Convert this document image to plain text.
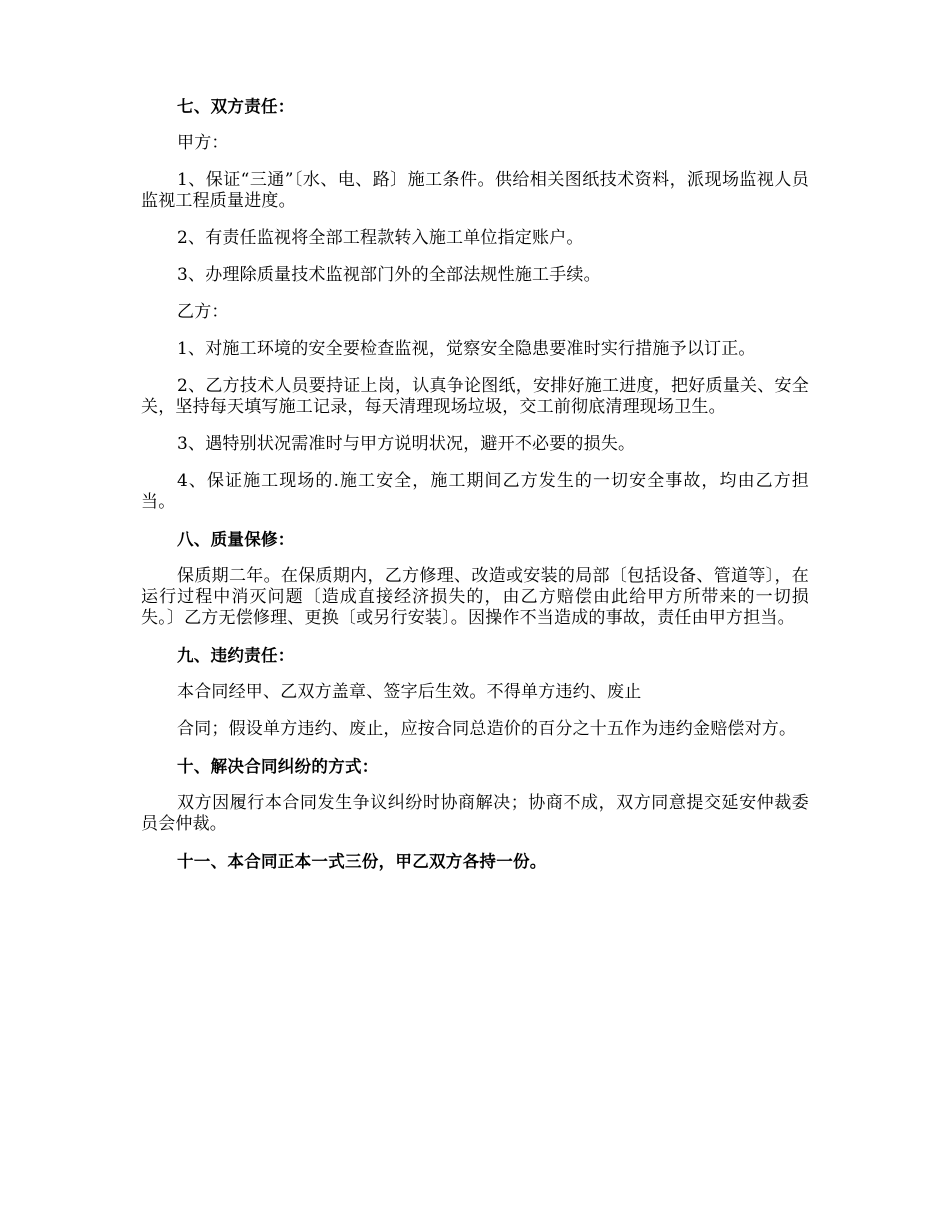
七、双方责任：

甲方：

1、保证“三通”〔水、电、路〕施工条件。供给相关图纸技术资料，派现场监视人员监视工程质量进度。

2、有责任监视将全部工程款转入施工单位指定账户。

3、办理除质量技术监视部门外的全部法规性施工手续。

乙方：

1、对施工环境的安全要检查监视，觉察安全隐患要准时实行措施予以订正。

2、乙方技术人员要持证上岗，认真争论图纸，安排好施工进度，把好质量关、安全关，坚持每天填写施工记录，每天清理现场垃圾，交工前彻底清理现场卫生。

3、遇特别状况需准时与甲方说明状况，避开不必要的损失。

4、保证施工现场的.施工安全，施工期间乙方发生的一切安全事故，均由乙方担当。

八、质量保修：

保质期二年。在保质期内，乙方修理、改造或安装的局部〔包括设备、管道等〕，在运行过程中消灭问题〔造成直接经济损失的，由乙方赔偿由此给甲方所带来的一切损失。〕乙方无偿修理、更换〔或另行安装〕。因操作不当造成的事故，责任由甲方担当。

九、违约责任：

本合同经甲、乙双方盖章、签字后生效。不得单方违约、废止

合同；假设单方违约、废止，应按合同总造价的百分之十五作为违约金赔偿对方。

十、解决合同纠纷的方式：

双方因履行本合同发生争议纠纷时协商解决；协商不成，双方同意提交延安仲裁委员会仲裁。

十一、本合同正本一式三份，甲乙双方各持一份。
